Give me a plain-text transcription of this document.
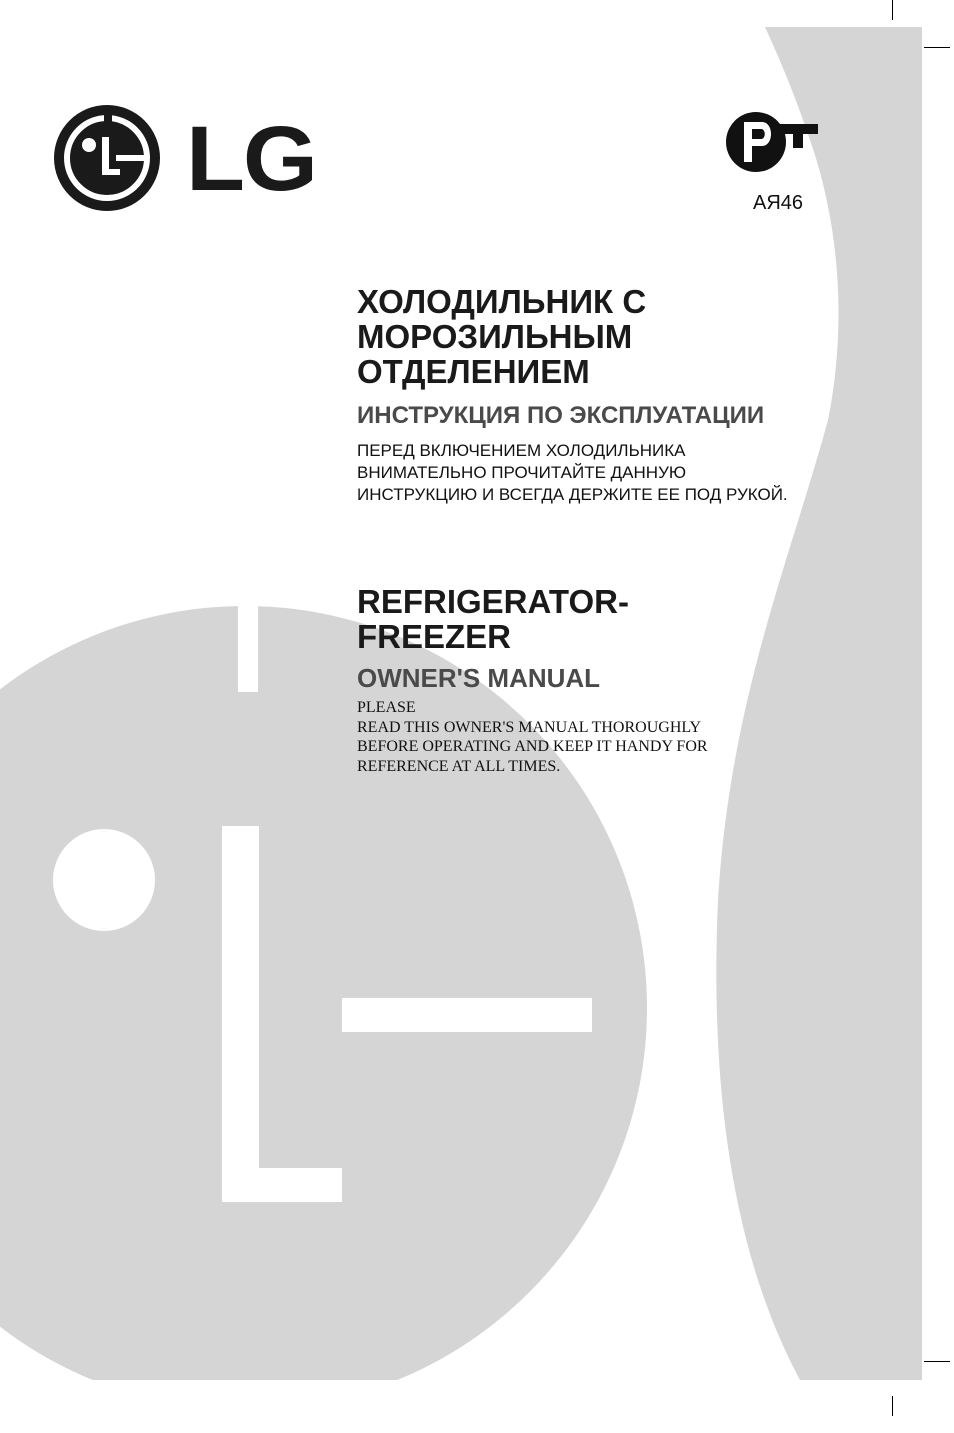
LG	АЯ46
ХОЛОДИЛЬНИК С
МОРОЗИЛЬНЫМ
ОТДЕЛЕНИЕМ
ИНСТРУКЦИЯ ПО ЭКСПЛУАТАЦИИ
ПЕРЕД ВКЛЮЧЕНИЕМ ХОЛОДИЛЬНИКА
ВНИМАТЕЛЬНО ПРОЧИТАЙТЕ ДАННУЮ
ИНСТРУКЦИЮ И ВСЕГДА ДЕРЖИТЕ ЕЕ ПОД РУКОЙ.
REFRIGERATOR-
FREEZER
OWNER'S MANUAL
PLEASE
READ THIS OWNER'S MANUAL THOROUGHLY
BEFORE OPERATING AND KEEP IT HANDY FOR
REFERENCE AT ALL TIMES.
